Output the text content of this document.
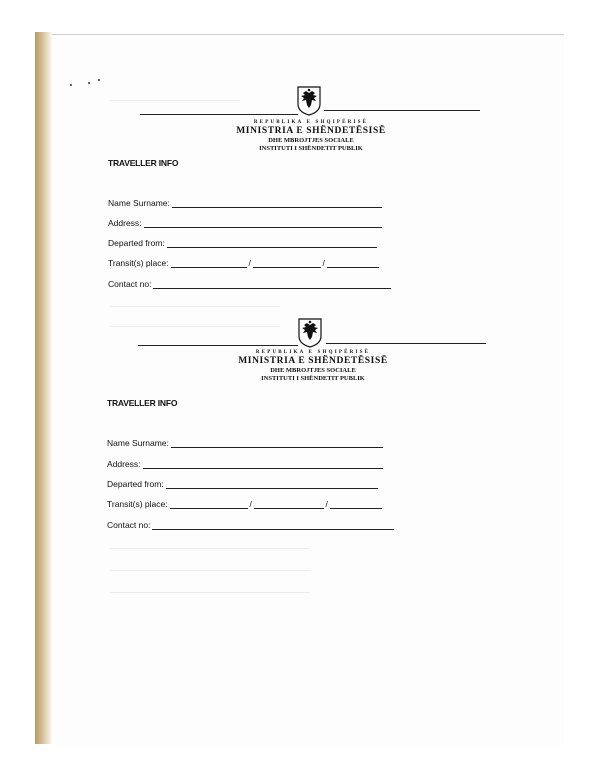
REPUBLIKA E SHQIPËRISË
MINISTRIA E SHËNDETËSISË
DHE MBROJTJES SOCIALE
INSTITUTI I SHËNDETIT PUBLIK
TRAVELLER INFO
Name Surname:
Address:
Departed from:
Transit(s) place:	/	/
Contact no:
REPUBLIKA E SHQIPËRISË
MINISTRIA E SHËNDETËSISË
DHE MBROJTJES SOCIALE
INSTITUTI I SHËNDETIT PUBLIK
TRAVELLER INFO
Name Surname:
Address:
Departed from:
Transit(s) place:	/	/
Contact no:
